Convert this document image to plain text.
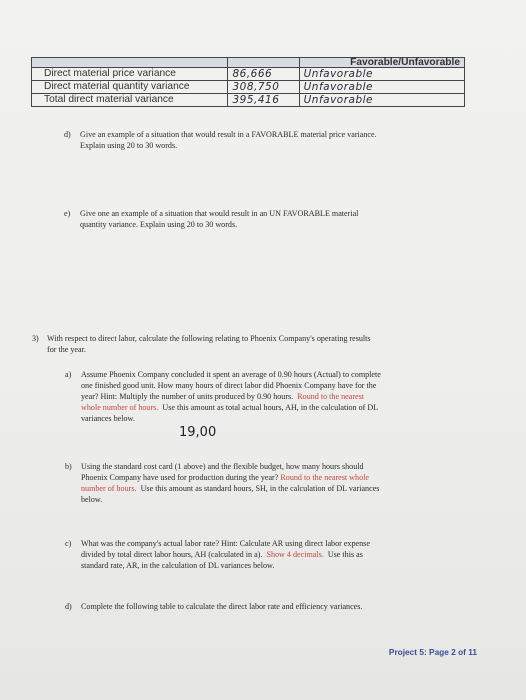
		Favorable/Unfavorable
Direct material price variance	86,666	Unfavorable
Direct material quantity variance	308,750	Unfavorable
Total direct material variance	395,416	Unfavorable
d) Give an example of a situation that would result in a FAVORABLE material price variance.
Explain using 20 to 30 words.
e) Give one an example of a situation that would result in an UN FAVORABLE material
quantity variance. Explain using 20 to 30 words.
3) With respect to direct labor, calculate the following relating to Phoenix Company's operating results
for the year.
a) Assume Phoenix Company concluded it spent an average of 0.90 hours (Actual) to complete
one finished good unit. How many hours of direct labor did Phoenix Company have for the
year? Hint: Multiply the number of units produced by 0.90 hours. Round to the nearest
whole number of hours. Use this amount as total actual hours, AH, in the calculation of DL
variances below.
19,00
b) Using the standard cost card (1 above) and the flexible budget, how many hours should
Phoenix Company have used for production during the year? Round to the nearest whole
number of hours. Use this amount as standard hours, SH, in the calculation of DL variances
below.
c) What was the company's actual labor rate? Hint: Calculate AR using direct labor expense
divided by total direct labor hours, AH (calculated in a). Show 4 decimals. Use this as
standard rate, AR, in the calculation of DL variances below.
d) Complete the following table to calculate the direct labor rate and efficiency variances.
Project 5: Page 2 of 11
